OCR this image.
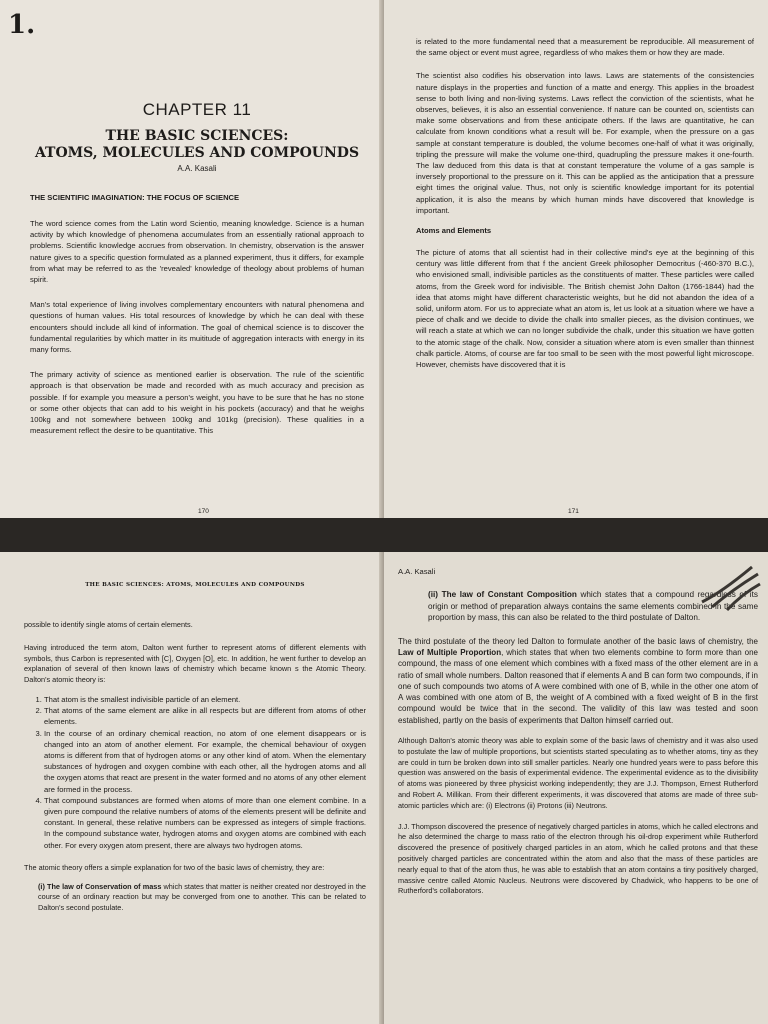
1.

CHAPTER 11

THE BASIC SCIENCES:

ATOMS, MOLECULES AND COMPOUNDS

A.A. Kasali

THE SCIENTIFIC IMAGINATION: THE FOCUS OF SCIENCE

The word science comes from the Latin word Scientio, meaning knowledge. Science is a human activity by which knowledge of phenomena accumulates from an essentially rational approach to problems. Scientific knowledge accrues from observation. In chemistry, observation is the answer nature gives to a specific question formulated as a planned experiment, thus it differs, for example from what may be referred to as the 'revealed' knowledge of theology about problems of human spirit.

Man's total experience of living involves complementary encounters with natural phenomena and questions of human values. His total resources of knowledge by which he can deal with these encounters should include all kind of information. The goal of chemical science is to discover the fundamental regularities by which matter in its muititude of aggregation interacts with energy in its many forms.

The primary activity of science as mentioned earlier is observation. The rule of the scientific approach is that observation be made and recorded with as much accuracy and precision as possible. If for example you measure a person's weight, you have to be sure that he has no stone or some other objects that can add to his weight in his pockets (accuracy) and that he weighs 100kg and not somewhere between 100kg and 101kg (precision). These qualities in a measurement reflect the desire to be quantitative. This

170

is related to the more fundamental need that a measurement be reproducible. All measurement of the same object or event must agree, regardless of who makes them or how they are made.

The scientist also codifies his observation into laws. Laws are statements of the consistencies nature displays in the properties and function of a matte and energy. This applies in the broadest sense to both living and non-living systems. Laws reflect the conviction of the scientists, what he observes, believes, it is also an essential convenience. If nature can be counted on, scientists can make some observations and from these anticipate others. If the laws are quantitative, he can calculate from known conditions what a result will be. For example, when the pressure on a gas sample at constant temperature is doubled, the volume becomes one-half of what it was originally, tripling the pressure will make the volume one-third, quadrupling the pressure makes it one-fourth. The law deduced from this data is that at constant temperature the volume of a gas sample is inversely proportional to the pressure on it. This can be applied as the anticipation that a pressure eight times the original value. Thus, not only is scientific knowledge important for its potential application, it is also the means by which human minds have discovered that knowledge is important.

Atoms and Elements

The picture of atoms that all scientist had in their collective mind's eye at the beginning of this century was little different from that f the ancient Greek philosopher Democritus (-460-370 B.C.), who envisioned small, indivisible particles as the constituents of matter. These particles were called atoms, from the Greek word for indivisible. The British chemist John Dalton (1766-1844) had the idea that atoms might have different characteristic weights, but he did not abandon the idea of a solid, uniform atom. For us to appreciate what an atom is, let us look at a situation where we have a piece of chalk and we decide to divide the chalk into smaller pieces, as the division continues, we will reach a state at which we can no longer subdivide the chalk, under this situation we have gotten to the atomic stage of the chalk. Now, consider a situation where atom is even smaller than thinnest chalk particle. Atoms, of course are far too small to be seen with the most powerful light microscope. However, chemists have discovered that it is

171

THE BASIC SCIENCES: ATOMS, MOLECULES AND COMPOUNDS

possible to identify single atoms of certain elements.

Having introduced the term atom, Dalton went further to represent atoms of different elements with symbols, thus Carbon is represented with [C], Oxygen [O], etc. In addition, he went further to develop an explanation of several of then known laws of chemistry which became known s the Atomic Theory. Dalton's atomic theory is:

1. That atom is the smallest indivisible particle of an element.
2. That atoms of the same element are alike in all respects but are different from atoms of other elements.
3. In the course of an ordinary chemical reaction, no atom of one element disappears or is changed into an atom of another element. For example, the chemical behaviour of oxygen atoms is different from that of hydrogen atoms or any other kind of atom. When the elementary substances of hydrogen and oxygen combine with each other, all the hydrogen atoms and all the oxygen atoms that react are present in the water formed and no atoms of any other element are formed in the process.
4. That compound substances are formed when atoms of more than one element combine. In a given pure compound the relative numbers of atoms of the elements present will be definite and constant. In general, these relative numbers can be expressed as integers of simple fractions. In the compound substance water, hydrogen atoms and oxygen atoms are combined with each other. For every oxygen atom present, there are always two hydrogen atoms.

The atomic theory offers a simple explanation for two of the basic laws of chemistry, they are:

(i) The law of Conservation of mass which states that matter is neither created nor destroyed in the course of an ordinary reaction but may be converged from one to another. This can be related to Dalton's second postulate.

A.A. Kasali

(ii) The law of Constant Composition which states that a compound regardless of its origin or method of preparation always contains the same elements combined in the same proportion by mass, this can also be related to the third postulate of Dalton.

The third postulate of the theory led Dalton to formulate another of the basic laws of chemistry, the Law of Multiple Proportion, which states that when two elements combine to form more than one compound, the mass of one element which combines with a fixed mass of the other element are in a ratio of small whole numbers. Dalton reasoned that if elements A and B can form two compounds, if in one of such compounds two atoms of A were combined with one of B, while in the other one atom of A was combined with one atom of B, the weight of A combined with a fixed weight of B in the first compound would be twice that in the second. The validity of this law was tested and soon established, partly on the basis of experiments that Dalton himself carried out.

Although Dalton's atomic theory was able to explain some of the basic laws of chemistry and it was also used to postulate the law of multiple proportions, but scientists started speculating as to whether atoms, tiny as they are could in turn be broken down into still smaller particles. Nearly one hundred years were to pass before this question was answered on the basis of experimental evidence. The experimental evidence as to the divisibility of atoms was pioneered by three physicist working independently; they are J.J. Thompson, Ernest Rutherford and Robert A. Millikan. From their different experiments, it was discovered that atoms are made of three sub-atomic particles which are: (i) Electrons (ii) Protons (iii) Neutrons.

J.J. Thompson discovered the presence of negatively charged particles in atoms, which he called electrons and he also determined the charge to mass ratio of the electron through his oil-drop experiment while Rutherford discovered the presence of positively charged particles in an atom, which he called protons and that these positively charged particles are concentrated within the atom and also that the mass of these particles are nearly equal to that of the atom thus, he was able to establish that an atom contains a tiny positively charged, massive centre called Atomic Nucleus. Neutrons were discovered by Chadwick, who happens to be one of Rutherford's collaborators.
